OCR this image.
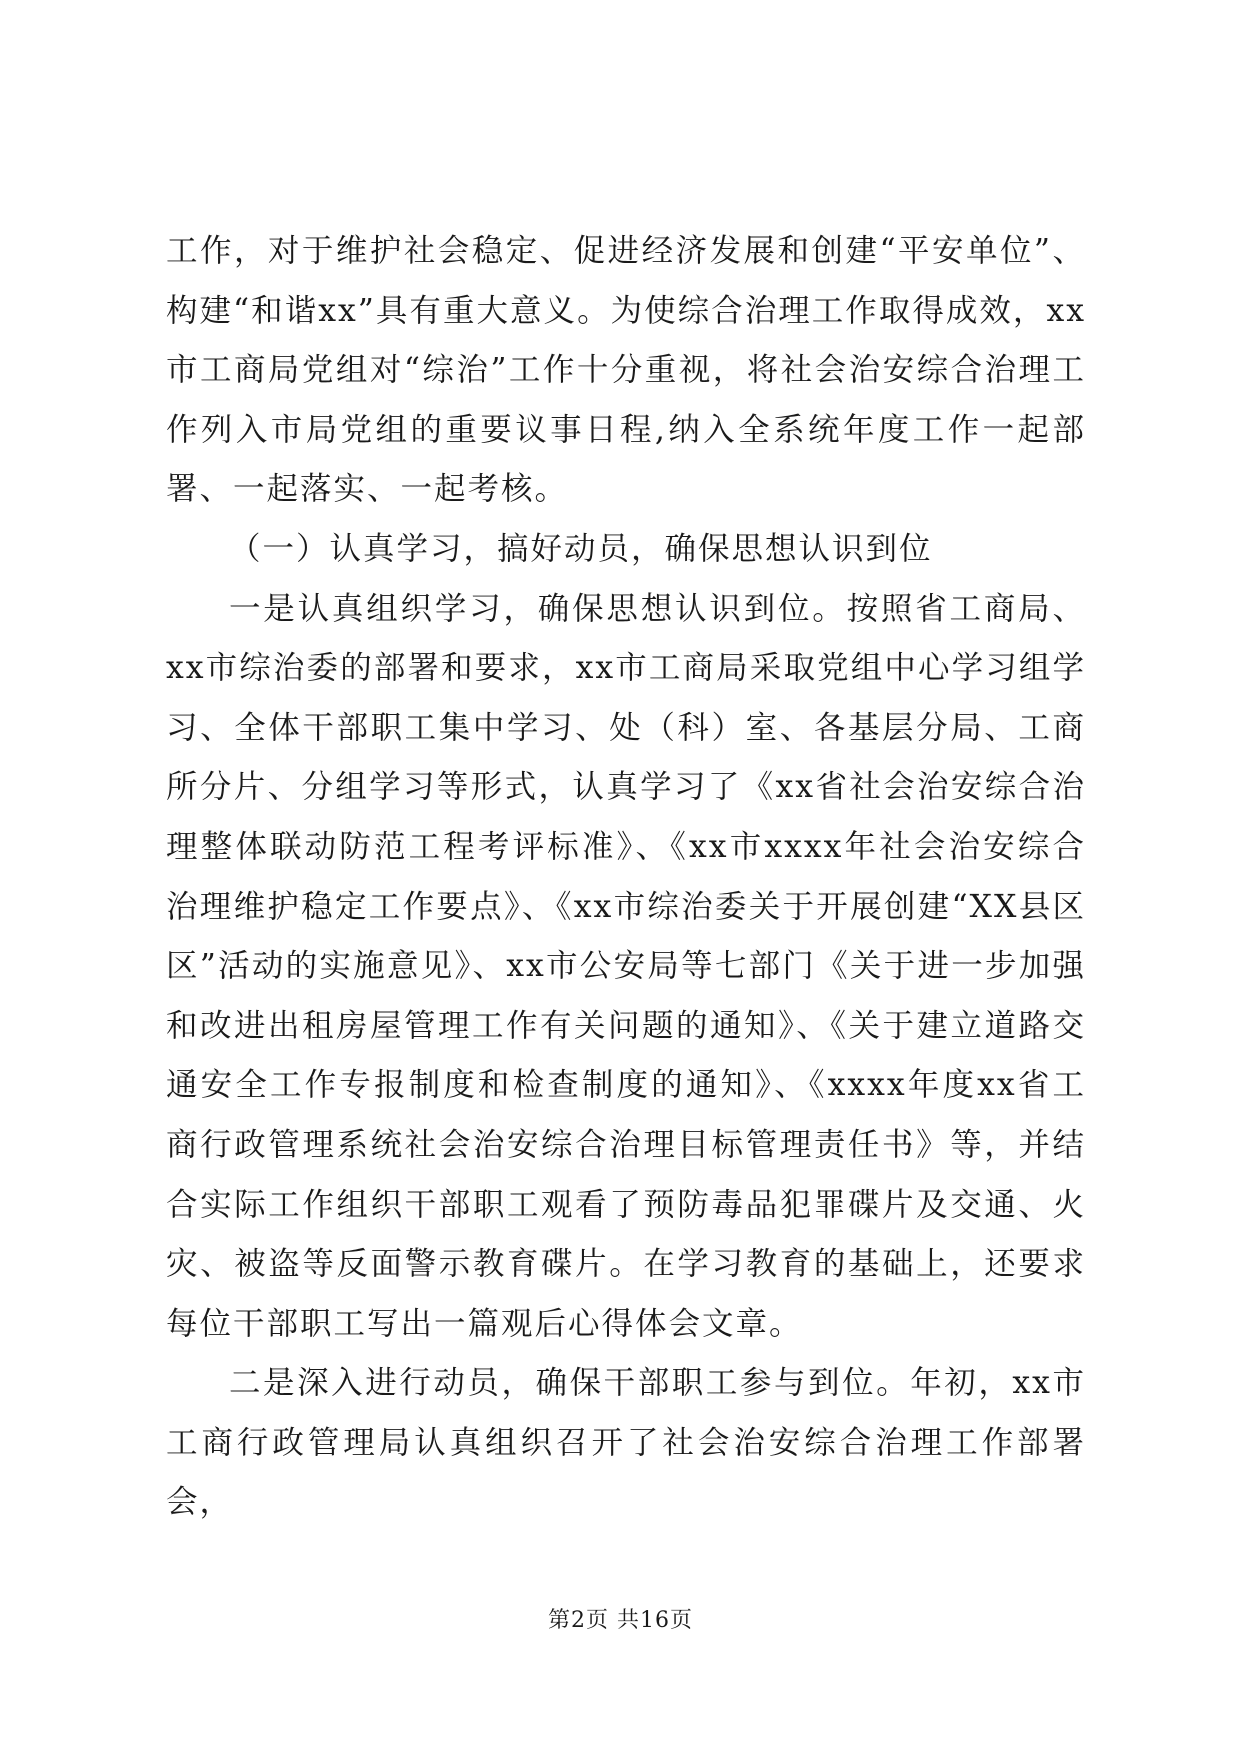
工作，对于维护社会稳定、促进经济发展和创建“平安单位”、构建“和谐xx”具有重大意义。为使综合治理工作取得成效，xx市工商局党组对“综治”工作十分重视，将社会治安综合治理工作列入市局党组的重要议事日程,纳入全系统年度工作一起部署、一起落实、一起考核。

（一）认真学习，搞好动员，确保思想认识到位

一是认真组织学习，确保思想认识到位。按照省工商局、xx市综治委的部署和要求，xx市工商局采取党组中心学习组学习、全体干部职工集中学习、处（科）室、各基层分局、工商所分片、分组学习等形式，认真学习了《xx省社会治安综合治理整体联动防范工程考评标准》、《xx市xxxx年社会治安综合治理维护稳定工作要点》、《xx市综治委关于开展创建“XX县区区”活动的实施意见》、xx市公安局等七部门《关于进一步加强和改进出租房屋管理工作有关问题的通知》、《关于建立道路交通安全工作专报制度和检查制度的通知》、《xxxx年度xx省工商行政管理系统社会治安综合治理目标管理责任书》等，并结合实际工作组织干部职工观看了预防毒品犯罪碟片及交通、火灾、被盗等反面警示教育碟片。在学习教育的基础上，还要求每位干部职工写出一篇观后心得体会文章。

二是深入进行动员，确保干部职工参与到位。年初，xx市工商行政管理局认真组织召开了社会治安综合治理工作部署会，

第2页 共16页
